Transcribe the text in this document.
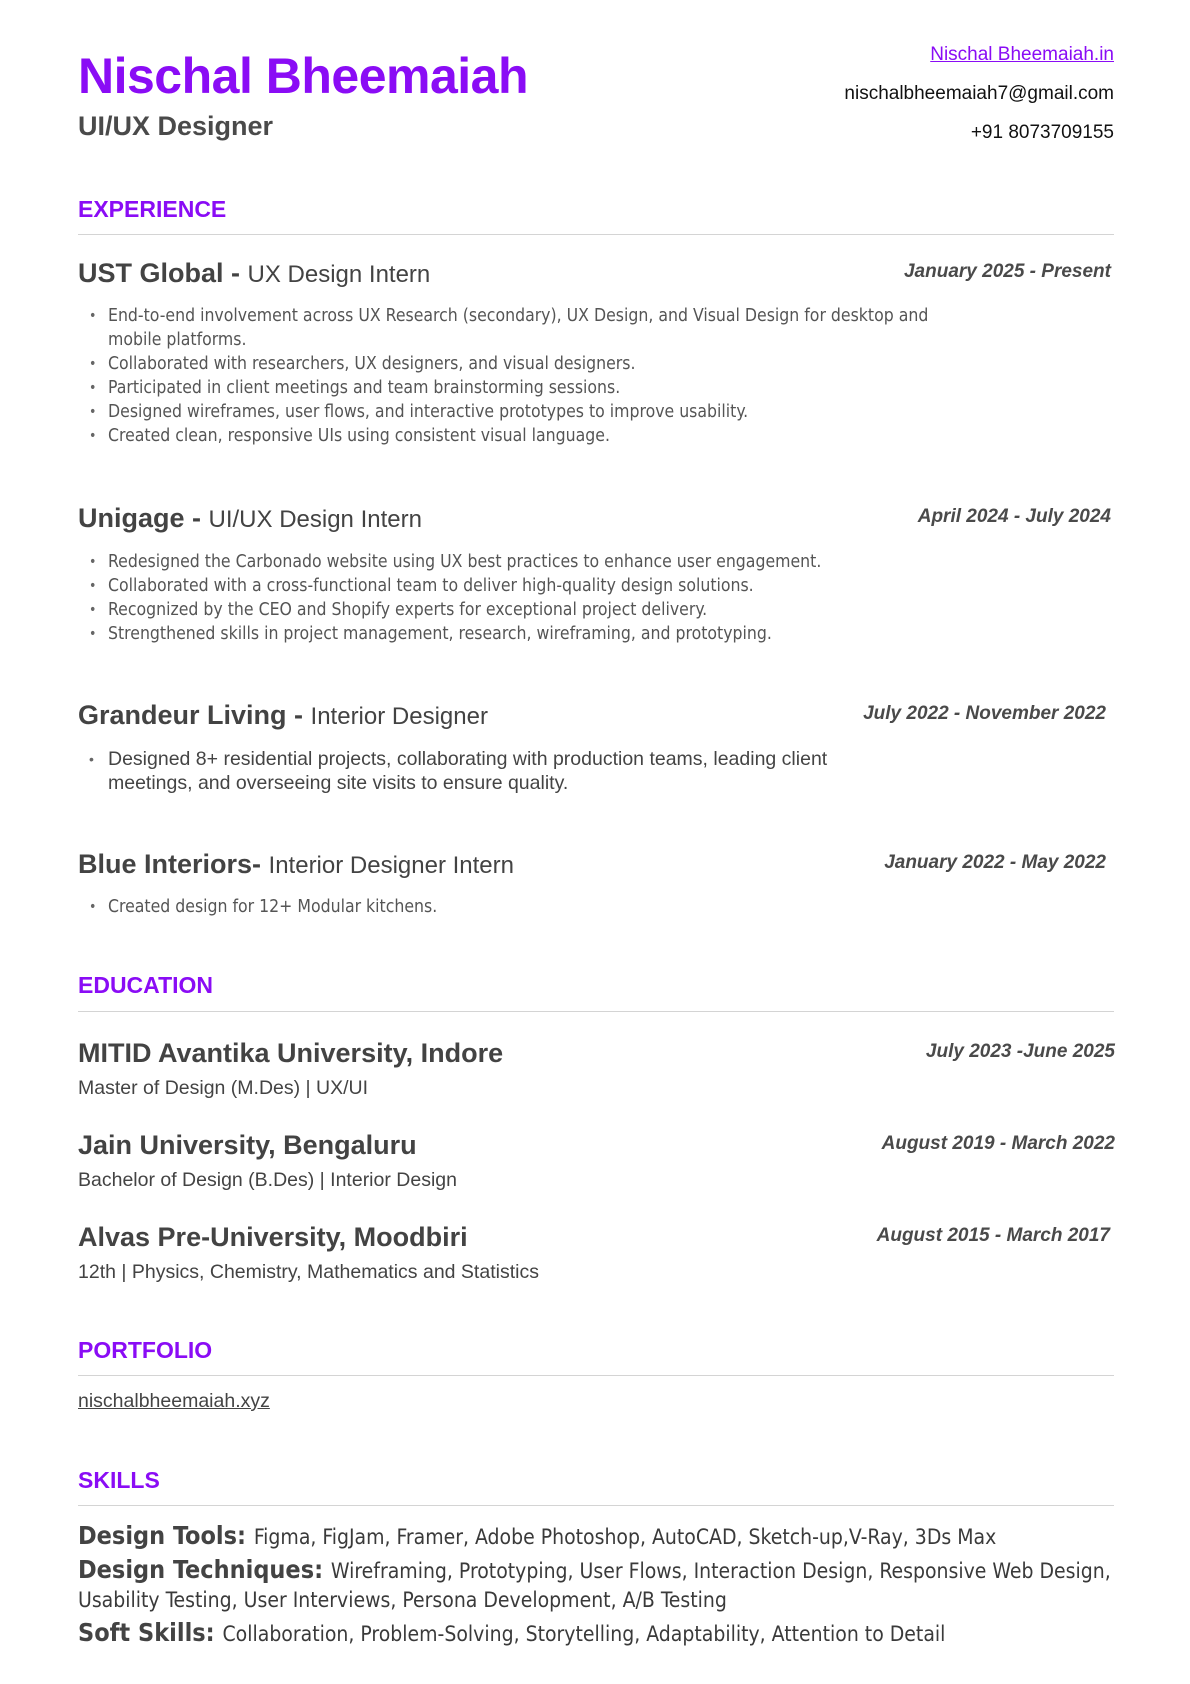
Nischal Bheemaiah
UI/UX Designer
Nischal Bheemaiah.in
nischalbheemaiah7@gmail.com
+91 8073709155
EXPERIENCE
UST Global - UX Design Intern	January 2025 - Present
• End-to-end involvement across UX Research (secondary), UX Design, and Visual Design for desktop and mobile platforms.
• Collaborated with researchers, UX designers, and visual designers.
• Participated in client meetings and team brainstorming sessions.
• Designed wireframes, user flows, and interactive prototypes to improve usability.
• Created clean, responsive UIs using consistent visual language.
Unigage - UI/UX Design Intern	April 2024 - July 2024
• Redesigned the Carbonado website using UX best practices to enhance user engagement.
• Collaborated with a cross-functional team to deliver high-quality design solutions.
• Recognized by the CEO and Shopify experts for exceptional project delivery.
• Strengthened skills in project management, research, wireframing, and prototyping.
Grandeur Living - Interior Designer	July 2022 - November 2022
• Designed 8+ residential projects, collaborating with production teams, leading client meetings, and overseeing site visits to ensure quality.
Blue Interiors- Interior Designer Intern	January 2022 - May 2022
• Created design for 12+ Modular kitchens.
EDUCATION
MITID Avantika University, Indore	July 2023 -June 2025
Master of Design (M.Des) | UX/UI
Jain University, Bengaluru	August 2019 - March 2022
Bachelor of Design (B.Des) | Interior Design
Alvas Pre-University, Moodbiri	August 2015 - March 2017
12th | Physics, Chemistry, Mathematics and Statistics
PORTFOLIO
nischalbheemaiah.xyz
SKILLS

Design Tools: Figma, FigJam, Framer, Adobe Photoshop, AutoCAD, Sketch-up,V-Ray, 3Ds Max

Design Techniques: Wireframing, Prototyping, User Flows, Interaction Design, Responsive Web Design, Usability Testing, User Interviews, Persona Development, A/B Testing

Soft Skills: Collaboration, Problem-Solving, Storytelling, Adaptability, Attention to Detail
